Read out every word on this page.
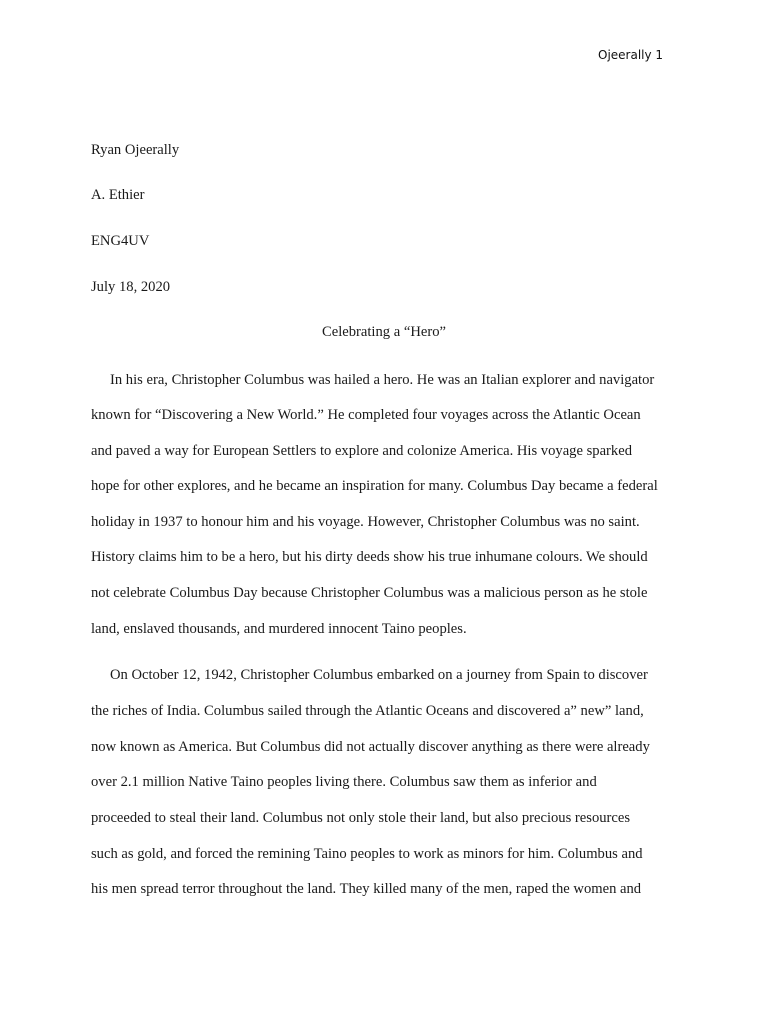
Ojeerally 1
Ryan Ojeerally
A. Ethier
ENG4UV
July 18, 2020
Celebrating a “Hero”
In his era, Christopher Columbus was hailed a hero. He was an Italian explorer and navigator
known for “Discovering a New World.” He completed four voyages across the Atlantic Ocean
and paved a way for European Settlers to explore and colonize America. His voyage sparked
hope for other explores, and he became an inspiration for many. Columbus Day became a federal
holiday in 1937 to honour him and his voyage. However, Christopher Columbus was no saint.
History claims him to be a hero, but his dirty deeds show his true inhumane colours. We should
not celebrate Columbus Day because Christopher Columbus was a malicious person as he stole
land, enslaved thousands, and murdered innocent Taino peoples.
On October 12, 1942, Christopher Columbus embarked on a journey from Spain to discover
the riches of India. Columbus sailed through the Atlantic Oceans and discovered a” new” land,
now known as America. But Columbus did not actually discover anything as there were already
over 2.1 million Native Taino peoples living there. Columbus saw them as inferior and
proceeded to steal their land. Columbus not only stole their land, but also precious resources
such as gold, and forced the remining Taino peoples to work as minors for him. Columbus and
his men spread terror throughout the land. They killed many of the men, raped the women and
